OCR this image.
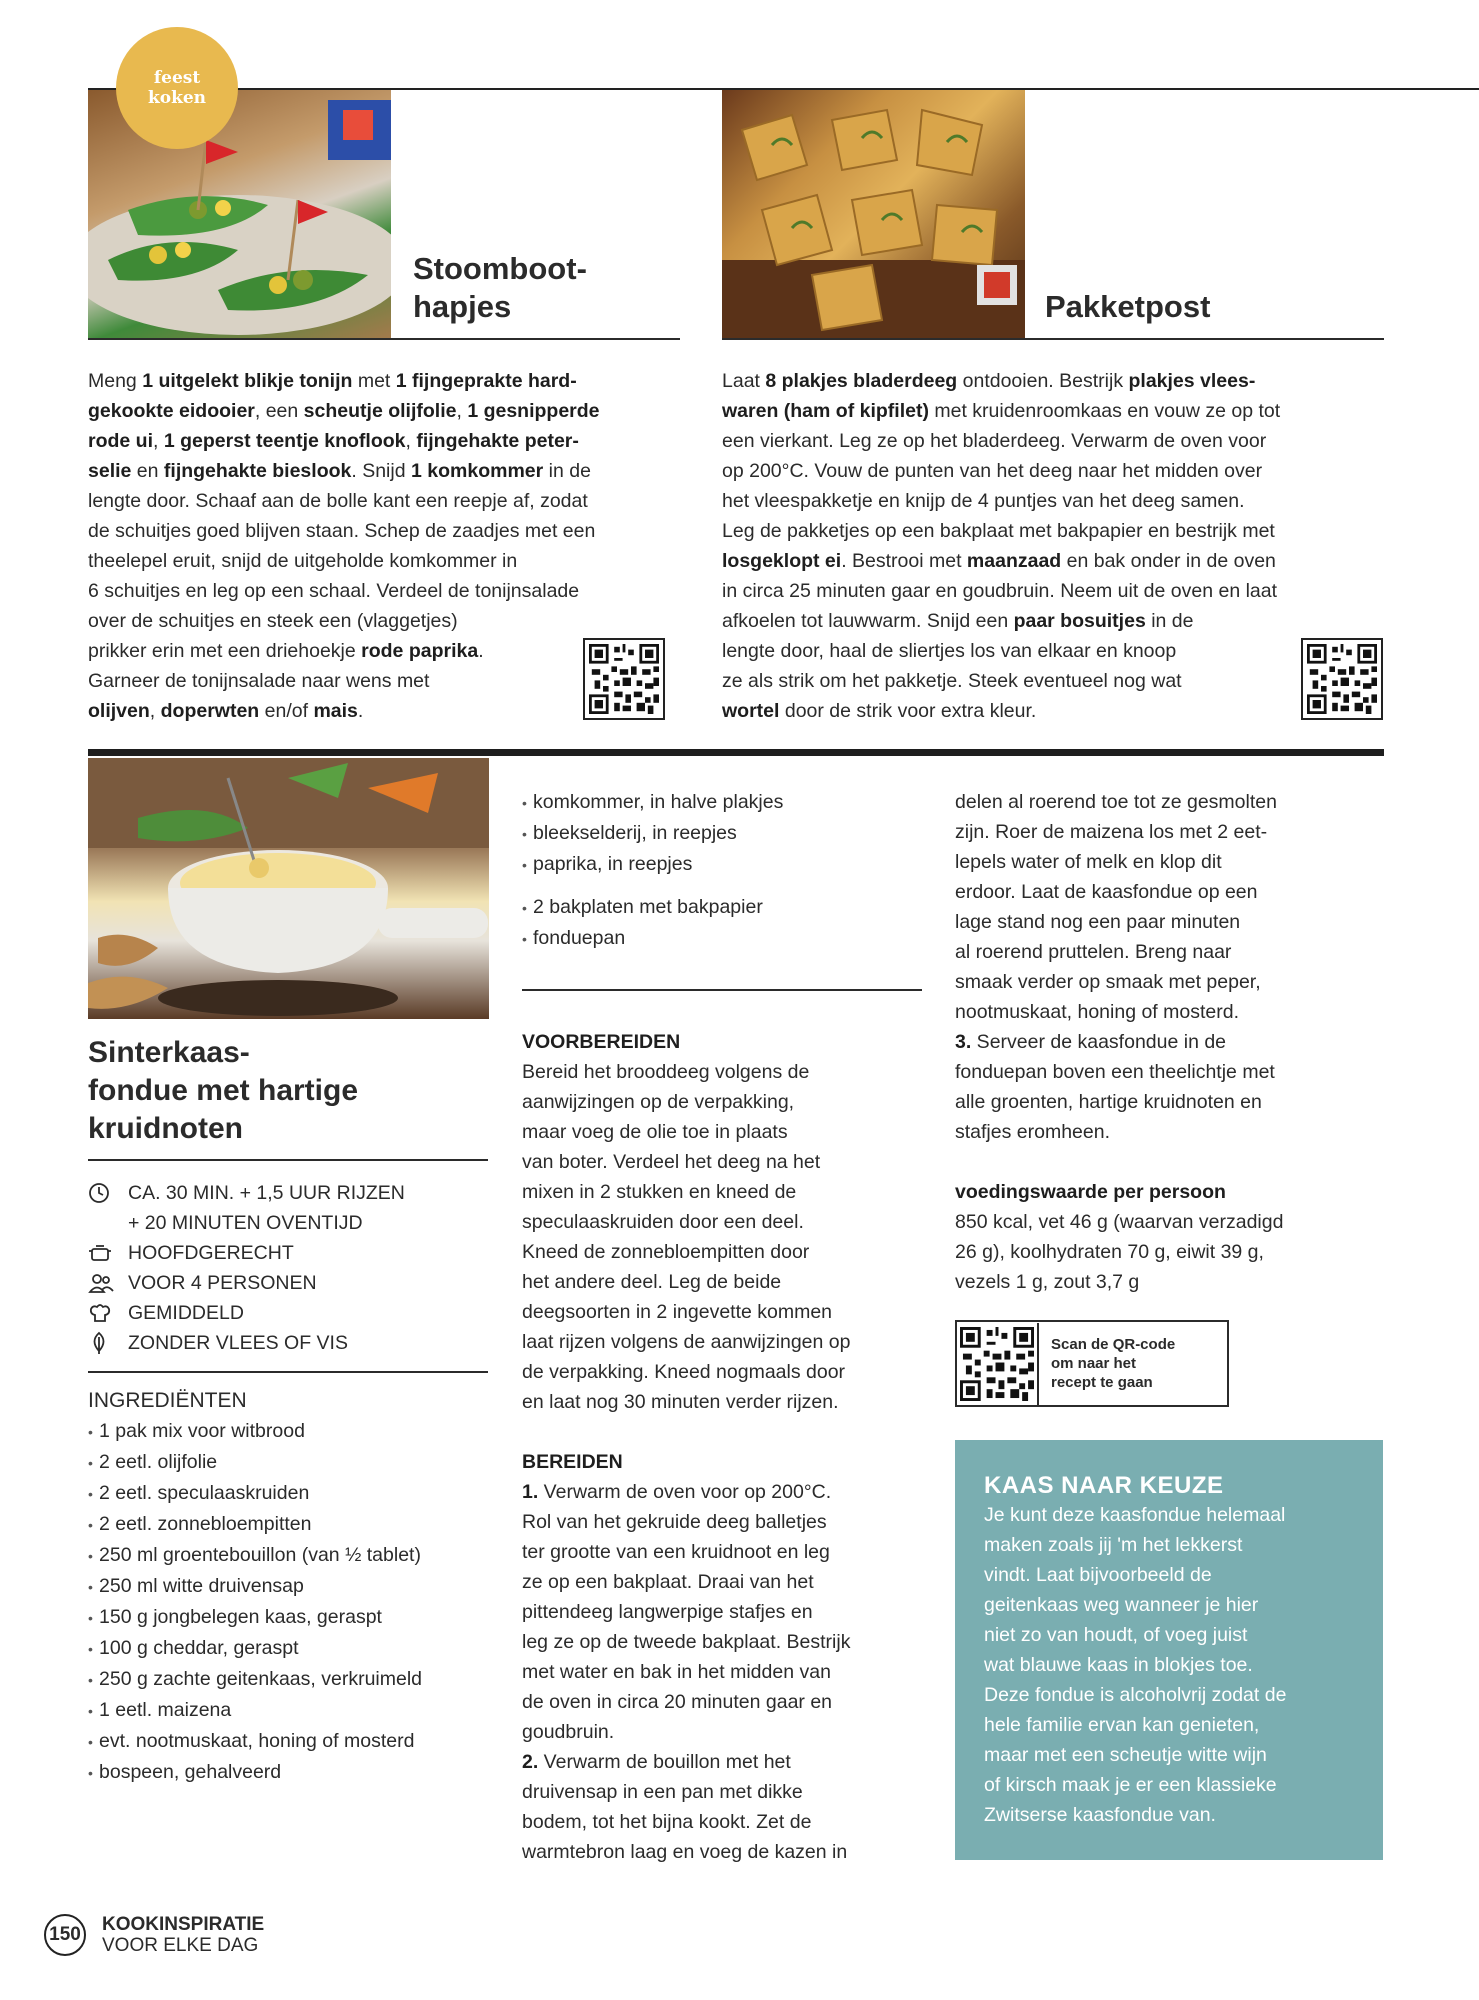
feest
koken
Stoomboot-
hapjes
Meng 1 uitgelekt blikje tonijn met 1 fijngeprakte hard-
gekookte eidooier, een scheutje olijfolie, 1 gesnipperde
rode ui, 1 geperst teentje knoflook, fijngehakte peter-
selie en fijngehakte bieslook. Snijd 1 komkommer in de
lengte door. Schaaf aan de bolle kant een reepje af, zodat
de schuitjes goed blijven staan. Schep de zaadjes met een
theelepel eruit, snijd de uitgeholde komkommer in
6 schuitjes en leg op een schaal. Verdeel de tonijnsalade
over de schuitjes en steek een (vlaggetjes)
prikker erin met een driehoekje rode paprika.
Garneer de tonijnsalade naar wens met
olijven, doperwten en/of mais.
Pakketpost
Laat 8 plakjes bladerdeeg ontdooien. Bestrijk plakjes vlees-
waren (ham of kipfilet) met kruidenroomkaas en vouw ze op tot
een vierkant. Leg ze op het bladerdeeg. Verwarm de oven voor
op 200°C. Vouw de punten van het deeg naar het midden over
het vleespakketje en knijp de 4 puntjes van het deeg samen.
Leg de pakketjes op een bakplaat met bakpapier en bestrijk met
losgeklopt ei. Bestrooi met maanzaad en bak onder in de oven
in circa 25 minuten gaar en goudbruin. Neem uit de oven en laat
afkoelen tot lauwwarm. Snijd een paar bosuitjes in de
lengte door, haal de sliertjes los van elkaar en knoop
ze als strik om het pakketje. Steek eventueel nog wat
wortel door de strik voor extra kleur.
Sinterkaas-
fondue met hartige
kruidnoten
CA. 30 MIN. + 1,5 UUR RIJZEN
+ 20 MINUTEN OVENTIJD
HOOFDGERECHT
VOOR 4 PERSONEN
GEMIDDELD
ZONDER VLEES OF VIS
INGREDIËNTEN
• 1 pak mix voor witbrood
• 2 eetl. olijfolie
• 2 eetl. speculaaskruiden
• 2 eetl. zonnebloempitten
• 250 ml groentebouillon (van ½ tablet)
• 250 ml witte druivensap
• 150 g jongbelegen kaas, geraspt
• 100 g cheddar, geraspt
• 250 g zachte geitenkaas, verkruimeld
• 1 eetl. maizena
• evt. nootmuskaat, honing of mosterd
• bospeen, gehalveerd
• komkommer, in halve plakjes
• bleekselderij, in reepjes
• paprika, in reepjes
• 2 bakplaten met bakpapier
• fonduepan
VOORBEREIDEN
Bereid het brooddeeg volgens de
aanwijzingen op de verpakking,
maar voeg de olie toe in plaats
van boter. Verdeel het deeg na het
mixen in 2 stukken en kneed de
speculaaskruiden door een deel.
Kneed de zonnebloempitten door
het andere deel. Leg de beide
deegsoorten in 2 ingevette kommen
laat rijzen volgens de aanwijzingen op
de verpakking. Kneed nogmaals door
en laat nog 30 minuten verder rijzen.
BEREIDEN
1. Verwarm de oven voor op 200°C.
Rol van het gekruide deeg balletjes
ter grootte van een kruidnoot en leg
ze op een bakplaat. Draai van het
pittendeeg langwerpige stafjes en
leg ze op de tweede bakplaat. Bestrijk
met water en bak in het midden van
de oven in circa 20 minuten gaar en
goudbruin.
2. Verwarm de bouillon met het
druivensap in een pan met dikke
bodem, tot het bijna kookt. Zet de
warmtebron laag en voeg de kazen in
delen al roerend toe tot ze gesmolten
zijn. Roer de maizena los met 2 eet-
lepels water of melk en klop dit
erdoor. Laat de kaasfondue op een
lage stand nog een paar minuten
al roerend pruttelen. Breng naar
smaak verder op smaak met peper,
nootmuskaat, honing of mosterd.
3. Serveer de kaasfondue in de
fonduepan boven een theelichtje met
alle groenten, hartige kruidnoten en
stafjes eromheen.
voedingswaarde per persoon
850 kcal, vet 46 g (waarvan verzadigd
26 g), koolhydraten 70 g, eiwit 39 g,
vezels 1 g, zout 3,7 g
Scan de QR-code
om naar het
recept te gaan
KAAS NAAR KEUZE

Je kunt deze kaasfondue helemaal
maken zoals jij 'm het lekkerst
vindt. Laat bijvoorbeeld de
geitenkaas weg wanneer je hier
niet zo van houdt, of voeg juist
wat blauwe kaas in blokjes toe.
Deze fondue is alcoholvrij zodat de
hele familie ervan kan genieten,
maar met een scheutje witte wijn
of kirsch maak je er een klassieke
Zwitserse kaasfondue van.

150 KOOKINSPIRATIE
VOOR ELKE DAG
